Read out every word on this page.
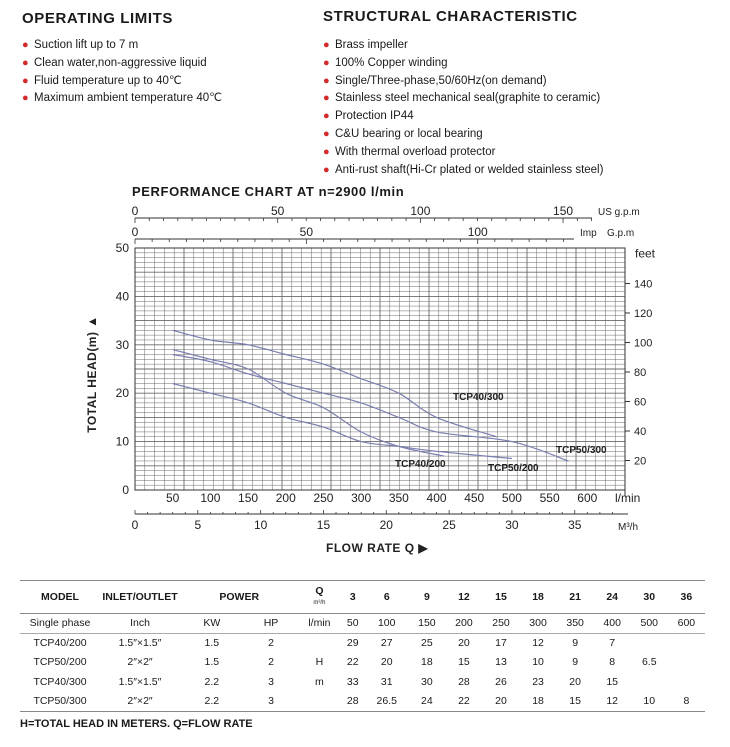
OPERATING LIMITS
● Suction lift up to 7 m
● Clean water,non-aggressive liquid
● Fluid temperature up to 40℃
● Maximum ambient temperature 40℃
STRUCTURAL CHARACTERISTIC
● Brass impeller
● 100% Copper winding
● Single/Three-phase,50/60Hz(on demand)
● Stainless steel mechanical seal(graphite to ceramic)
● Protection IP44
● C&U bearing or local bearing
● With thermal overload protector
● Anti-rust shaft(Hi-Cr plated or welded stainless steel)
PERFORMANCE CHART AT n=2900 l/min
0
10
20
30
40
50
TOTAL HEAD(m) ▲
20
40
60
80
100
120
140
feet
50 100 150 200 250 300 350 400 450 500 550 600 l/min
0	5	10	15	20	25	30	35	M³/h
0	50	100	150 US g.p.m
0	50	100	Imp G.p.m
FLOW RATE Q ▶
TCP40/200	TCP50/200
TCP40/300
TCP50/300
MODEL	INLET/OUTLET	POWER		Q
m³/h	3	6	9	12	15	18	21	24	30	36
Single phase	Inch	KW	HP	l/min	50	100	150	200	250	300	350	400	500	600
TCP40/200	1.5″×1.5″	1.5	2		29	27	25	20	17	12	9	7		
TCP50/200	2″×2″	1.5	2	H	22	20	18	15	13	10	9	8	6.5	
TCP40/300	1.5″×1.5″	2.2	3	m	33	31	30	28	26	23	20	15		
TCP50/300	2″×2″	2.2	3		28	26.5	24	22	20	18	15	12	10	8
H=TOTAL HEAD IN METERS. Q=FLOW RATE
